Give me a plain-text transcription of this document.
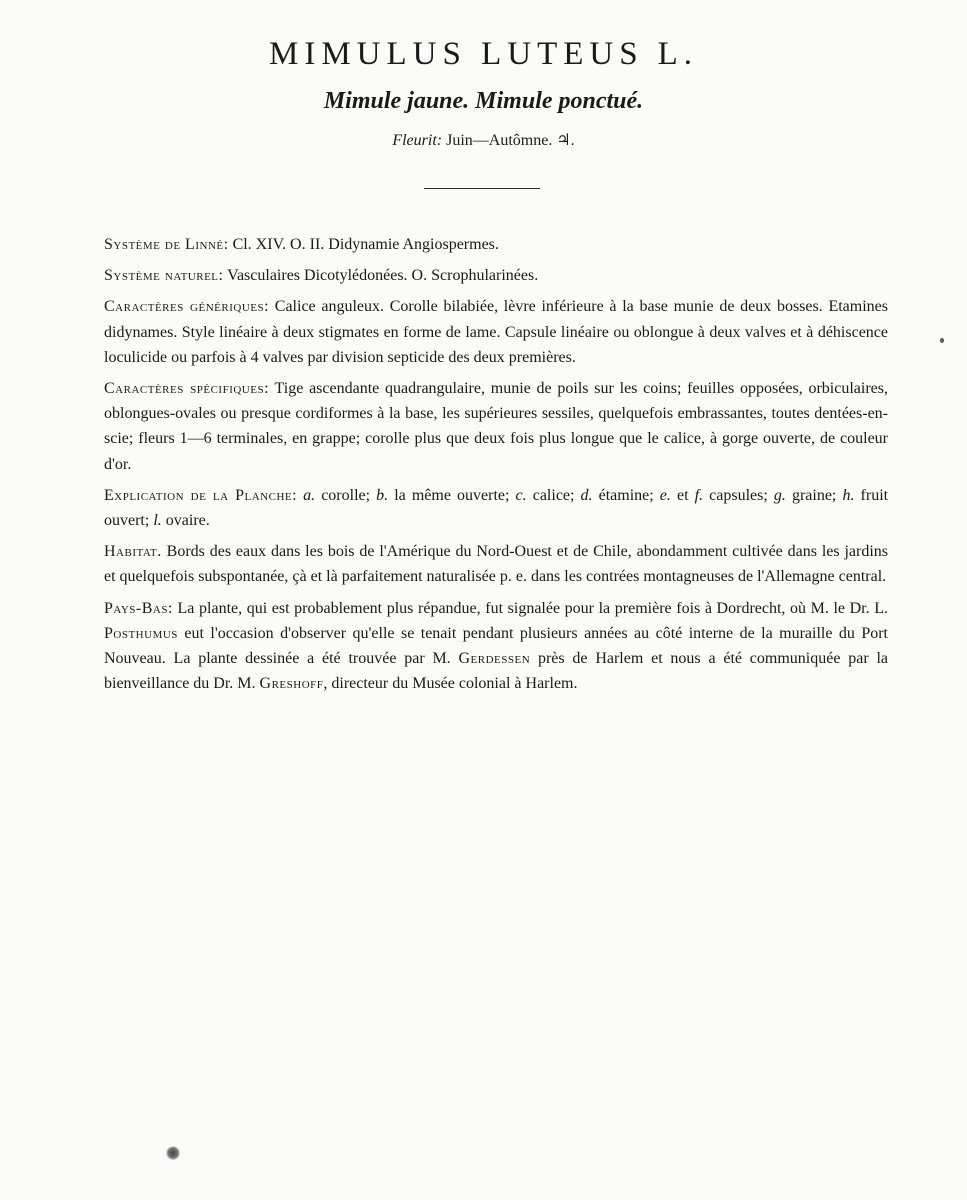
MIMULUS LUTEUS L.
Mimule jaune. Mimule ponctué.
Fleurit: Juin—Autômne. ♃.

Système de Linné: Cl. XIV. O. II. Didynamie Angiospermes.

Système naturel: Vasculaires Dicotylédonées. O. Scrophularinées.

Caractères génériques: Calice anguleux. Corolle bilabiée, lèvre inférieure à la base munie de deux bosses. Etamines didynames. Style linéaire à deux stigmates en forme de lame. Capsule linéaire ou oblongue à deux valves et à déhiscence loculicide ou parfois à 4 valves par division septicide des deux premières.

Caractères spécifiques: Tige ascendante quadrangulaire, munie de poils sur les coins; feuilles opposées, orbiculaires, oblongues-ovales ou presque cordiformes à la base, les supérieures sessiles, quelquefois embrassantes, toutes dentées-en-scie; fleurs 1—6 terminales, en grappe; corolle plus que deux fois plus longue que le calice, à gorge ouverte, de couleur d'or.

Explication de la Planche: a. corolle; b. la même ouverte; c. calice; d. étamine; e. et f. capsules; g. graine; h. fruit ouvert; l. ovaire.

Habitat. Bords des eaux dans les bois de l'Amérique du Nord-Ouest et de Chile, abondamment cultivée dans les jardins et quelquefois subspontanée, çà et là parfaitement naturalisée p. e. dans les contrées montagneuses de l'Allemagne central.

Pays-Bas: La plante, qui est probablement plus répandue, fut signalée pour la première fois à Dordrecht, où M. le Dr. L. Posthumus eut l'occasion d'observer qu'elle se tenait pendant plusieurs années au côté interne de la muraille du Port Nouveau. La plante dessinée a été trouvée par M. Gerdessen près de Harlem et nous a été communiquée par la bienveillance du Dr. M. Greshoff, directeur du Musée colonial à Harlem.
